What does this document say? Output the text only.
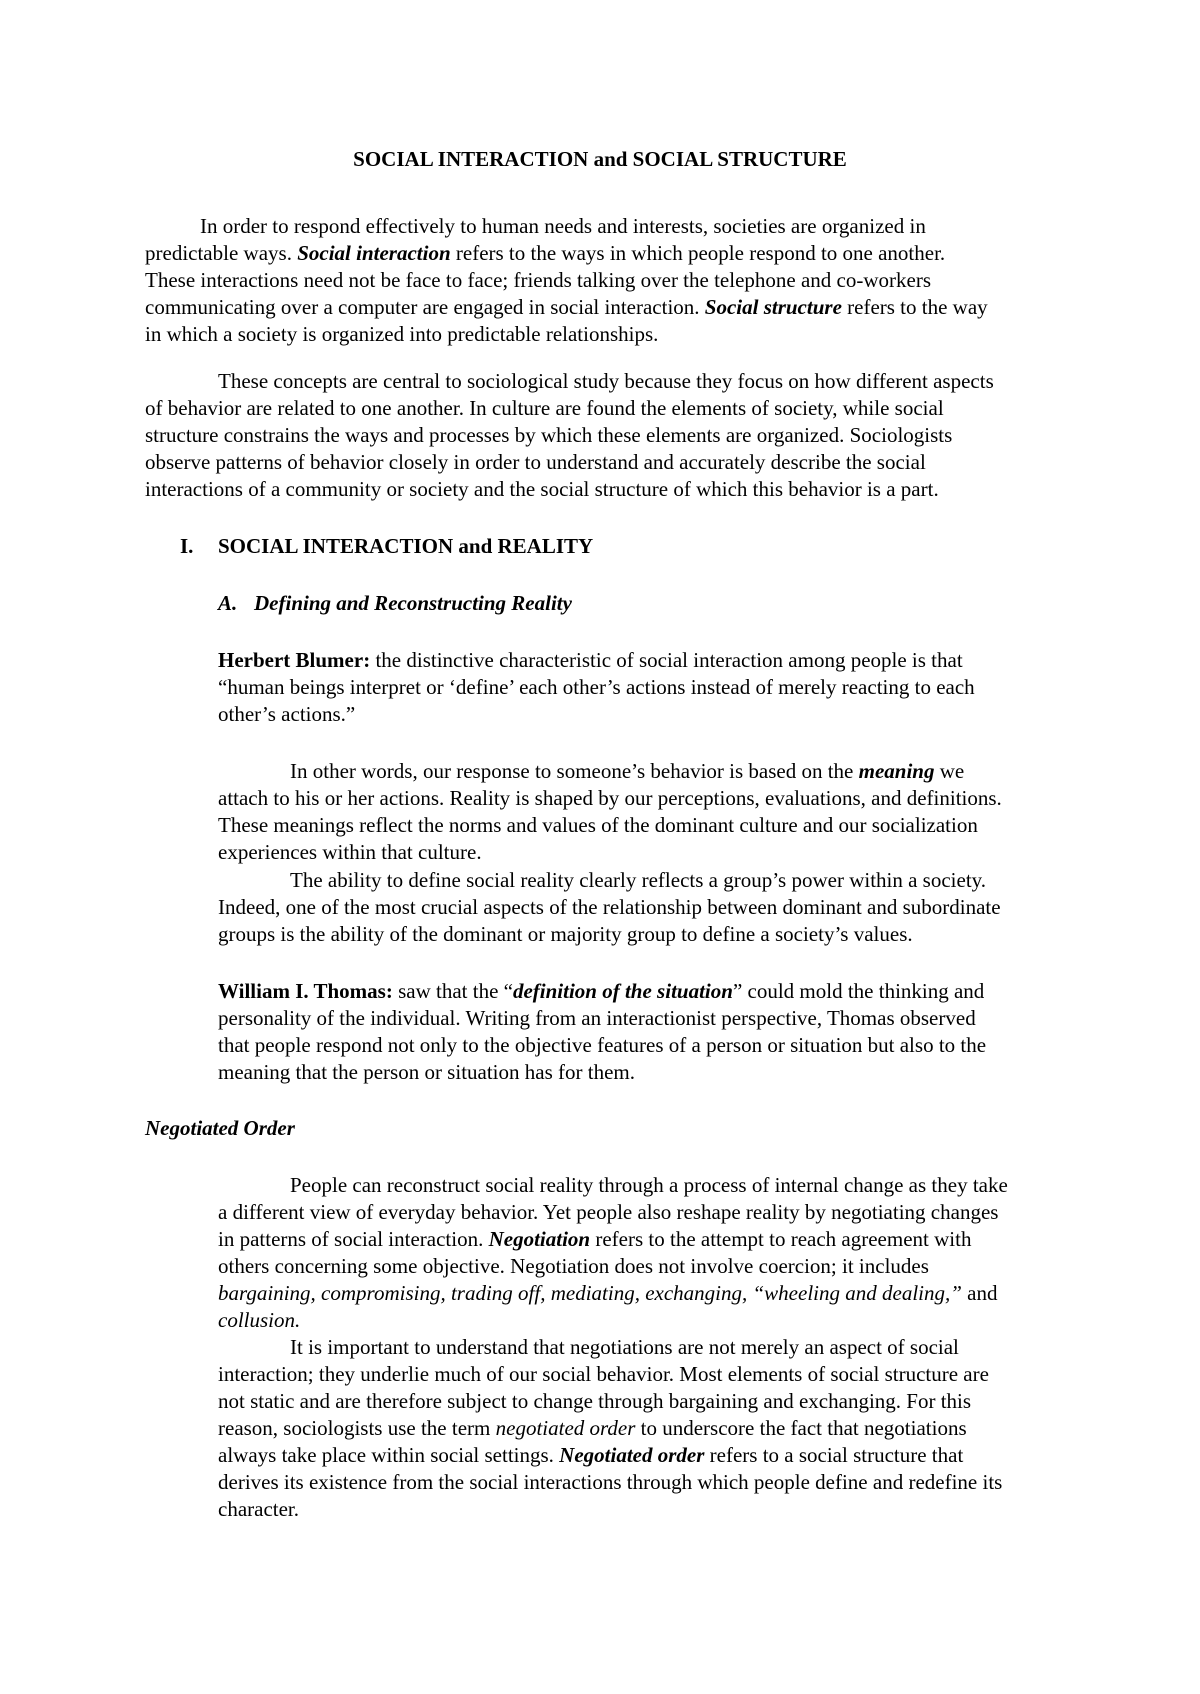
SOCIAL INTERACTION and SOCIAL STRUCTURE
In order to respond effectively to human needs and interests, societies are organized in
predictable ways. Social interaction refers to the ways in which people respond to one another.
These interactions need not be face to face; friends talking over the telephone and co-workers
communicating over a computer are engaged in social interaction. Social structure refers to the way
in which a society is organized into predictable relationships.
These concepts are central to sociological study because they focus on how different aspects
of behavior are related to one another. In culture are found the elements of society, while social
structure constrains the ways and processes by which these elements are organized. Sociologists
observe patterns of behavior closely in order to understand and accurately describe the social
interactions of a community or society and the social structure of which this behavior is a part.
I. SOCIAL INTERACTION and REALITY
A. Defining and Reconstructing Reality
Herbert Blumer: the distinctive characteristic of social interaction among people is that
“human beings interpret or ‘define’ each other’s actions instead of merely reacting to each
other’s actions.”
In other words, our response to someone’s behavior is based on the meaning we
attach to his or her actions. Reality is shaped by our perceptions, evaluations, and definitions.
These meanings reflect the norms and values of the dominant culture and our socialization
experiences within that culture.
The ability to define social reality clearly reflects a group’s power within a society.
Indeed, one of the most crucial aspects of the relationship between dominant and subordinate
groups is the ability of the dominant or majority group to define a society’s values.
William I. Thomas: saw that the “definition of the situation” could mold the thinking and
personality of the individual. Writing from an interactionist perspective, Thomas observed
that people respond not only to the objective features of a person or situation but also to the
meaning that the person or situation has for them.
Negotiated Order
People can reconstruct social reality through a process of internal change as they take
a different view of everyday behavior. Yet people also reshape reality by negotiating changes
in patterns of social interaction. Negotiation refers to the attempt to reach agreement with
others concerning some objective. Negotiation does not involve coercion; it includes
bargaining, compromising, trading off, mediating, exchanging, “wheeling and dealing,” and
collusion.
It is important to understand that negotiations are not merely an aspect of social
interaction; they underlie much of our social behavior. Most elements of social structure are
not static and are therefore subject to change through bargaining and exchanging. For this
reason, sociologists use the term negotiated order to underscore the fact that negotiations
always take place within social settings. Negotiated order refers to a social structure that
derives its existence from the social interactions through which people define and redefine its
character.
